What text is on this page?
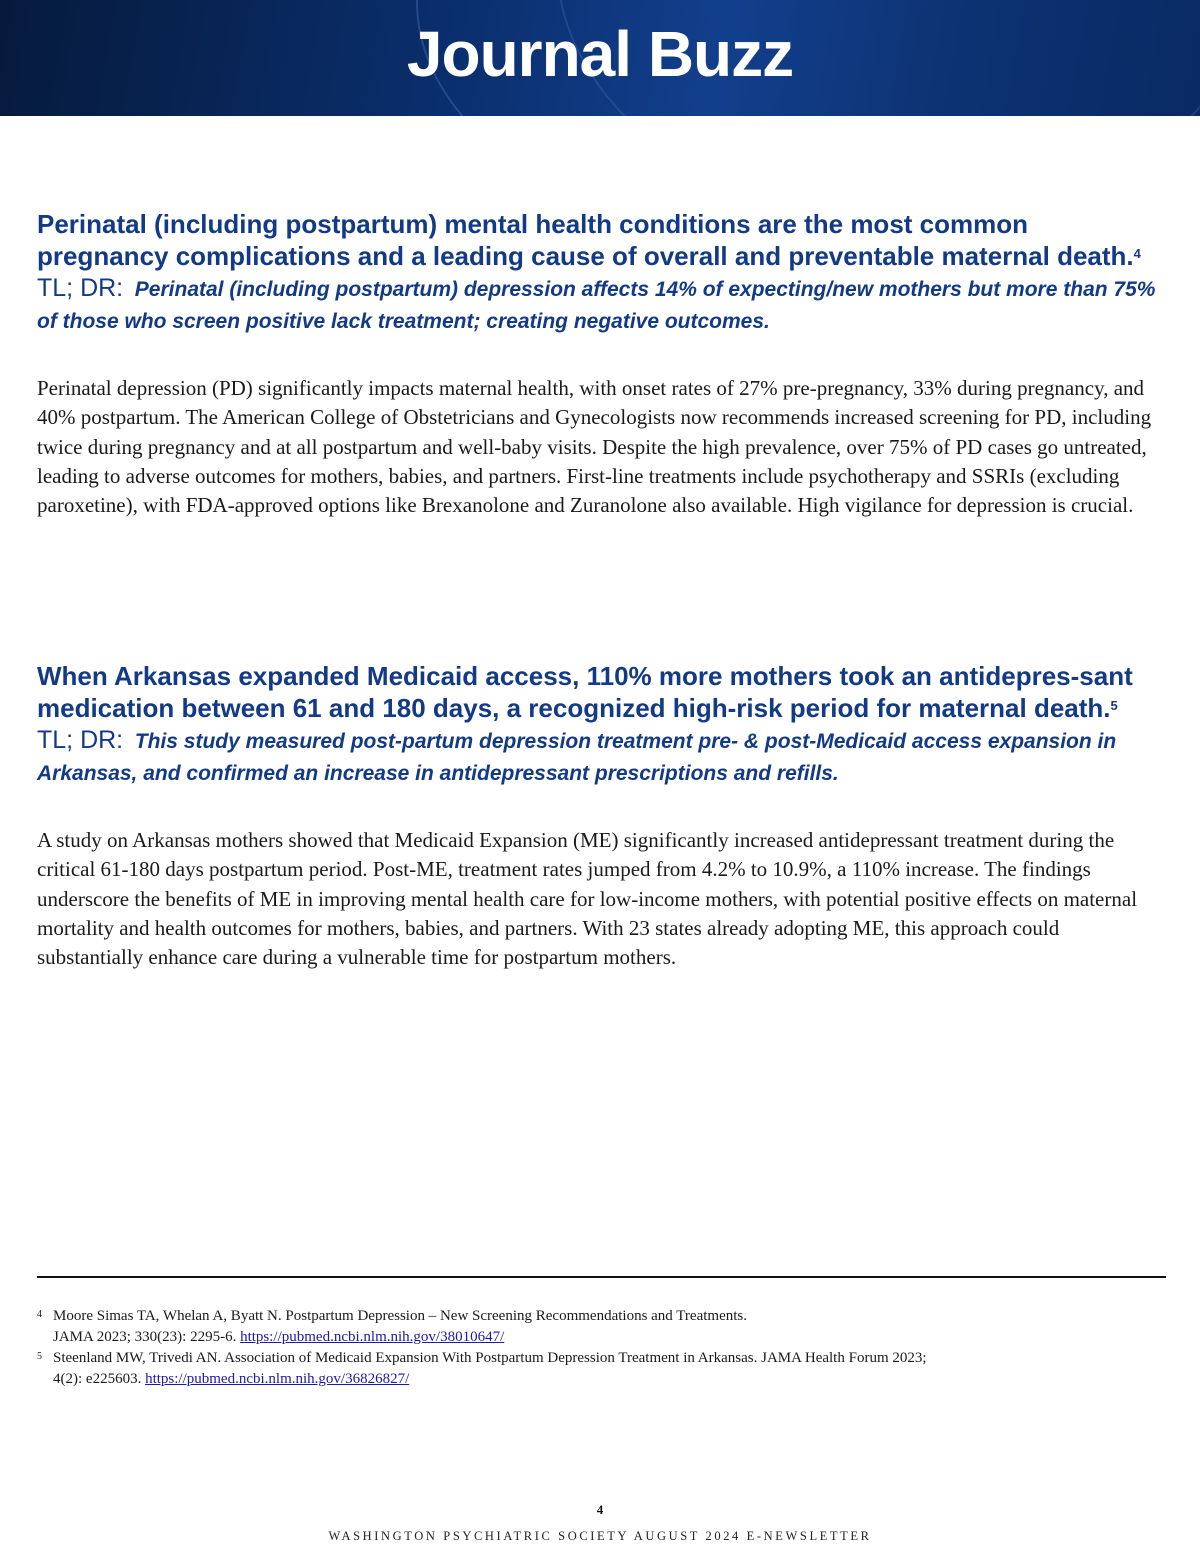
Journal Buzz
Perinatal (including postpartum) mental health conditions are the most common pregnancy complications and a leading cause of overall and preventable maternal death.$^4$

TL; DR: Perinatal (including postpartum) depression affects 14% of expecting/new mothers but more than 75% of those who screen positive lack treatment; creating negative outcomes.

Perinatal depression (PD) significantly impacts maternal health, with onset rates of 27% pre-pregnancy, 33% during pregnancy, and 40% postpartum. The American College of Obstetricians and Gynecologists now recommends increased screening for PD, including twice during pregnancy and at all postpartum and well-baby visits. Despite the high prevalence, over 75% of PD cases go untreated, leading to adverse outcomes for mothers, babies, and partners. First-line treatments include psychotherapy and SSRIs (excluding paroxetine), with FDA-approved options like Brexanolone and Zuranolone also available. High vigilance for depression is crucial.

When Arkansas expanded Medicaid access, 110% more mothers took an antidepres-sant medication between 61 and 180 days, a recognized high-risk period for maternal death.$^5$

TL; DR: This study measured post-partum depression treatment pre- & post-Medicaid access expansion in Arkansas, and confirmed an increase in antidepressant prescriptions and refills.

A study on Arkansas mothers showed that Medicaid Expansion (ME) significantly increased antidepressant treatment during the critical 61-180 days postpartum period. Post-ME, treatment rates jumped from 4.2% to 10.9%, a 110% increase. The findings underscore the benefits of ME in improving mental health care for low-income mothers, with potential positive effects on maternal mortality and health outcomes for mothers, babies, and partners. With 23 states already adopting ME, this approach could substantially enhance care during a vulnerable time for postpartum mothers.

4 Moore Simas TA, Whelan A, Byatt N. Postpartum Depression – New Screening Recommendations and Treatments.
JAMA 2023; 330(23): 2295-6. https://pubmed.ncbi.nlm.nih.gov/38010647/
5 Steenland MW, Trivedi AN. Association of Medicaid Expansion With Postpartum Depression Treatment in Arkansas. JAMA Health Forum 2023;
4(2): e225603. https://pubmed.ncbi.nlm.nih.gov/36826827/
4
WASHINGTON PSYCHIATRIC SOCIETY AUGUST 2024 E-NEWSLETTER
